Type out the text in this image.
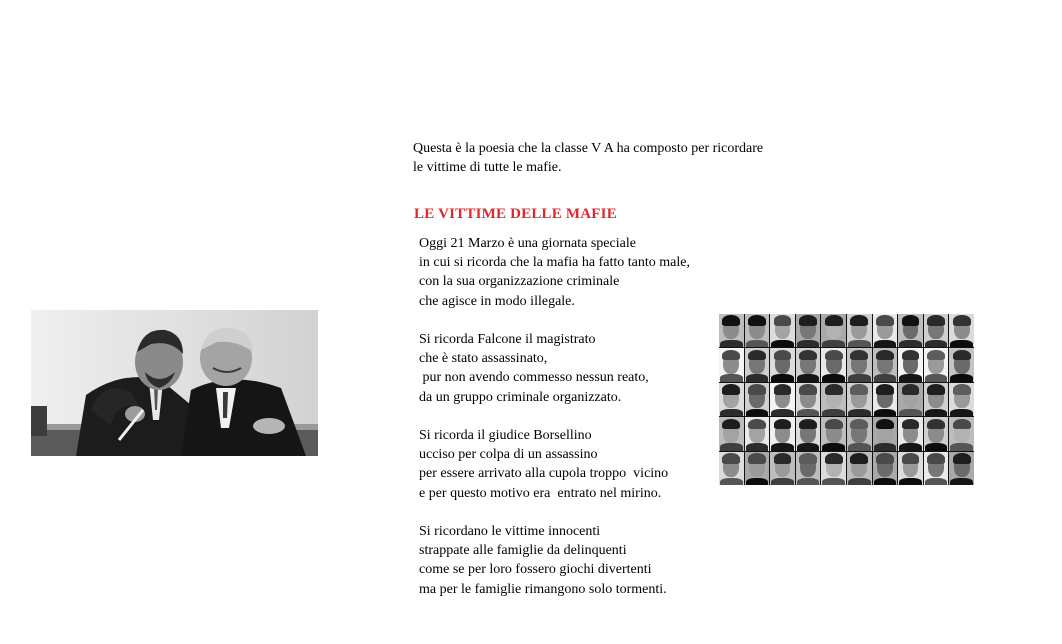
Questa è la poesia che la classe V A ha composto per ricordare
le vittime di tutte le mafie.
LE VITTIME DELLE MAFIE
Oggi 21 Marzo è una giornata speciale
in cui si ricorda che la mafia ha fatto tanto male,
con la sua organizzazione criminale
che agisce in modo illegale.
Si ricorda Falcone il magistrato
che è stato assassinato,
pur non avendo commesso nessun reato,
da un gruppo criminale organizzato.
Si ricorda il giudice Borsellino
ucciso per colpa di un assassino
per essere arrivato alla cupola troppo  vicino
e per questo motivo era  entrato nel mirino.
Si ricordano le vittime innocenti
strappate alle famiglie da delinquenti
come se per loro fossero giochi divertenti
ma per le famiglie rimangono solo tormenti.
